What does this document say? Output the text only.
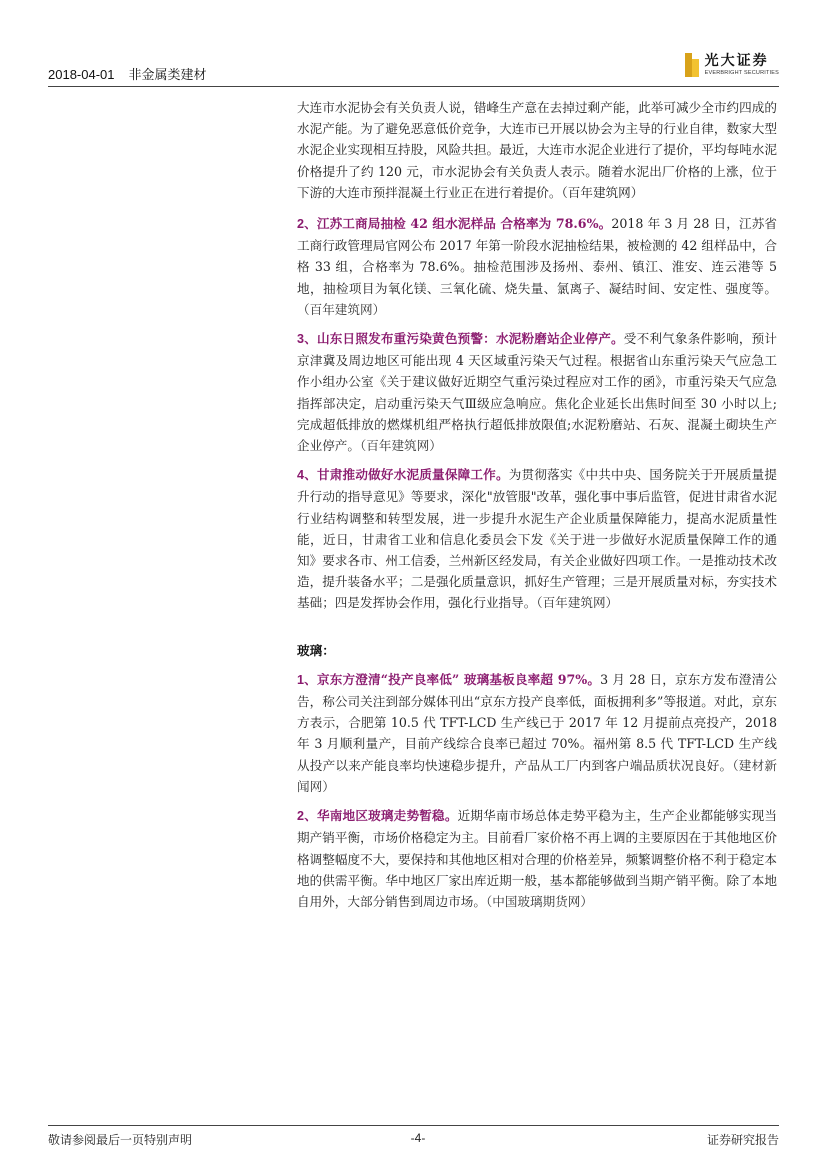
2018-04-01 非金属类建材
光大证券
EVERBRIGHT SECURITIES

大连市水泥协会有关负责人说，错峰生产意在去掉过剩产能，此举可减少全市约四成的水泥产能。为了避免恶意低价竞争，大连市已开展以协会为主导的行业自律，数家大型水泥企业实现相互持股，风险共担。最近，大连市水泥企业进行了提价，平均每吨水泥价格提升了约 120 元，市水泥协会有关负责人表示。随着水泥出厂价格的上涨，位于下游的大连市预拌混凝土行业正在进行着提价。（百年建筑网）

2、江苏工商局抽检 42 组水泥样品 合格率为 78.6%。2018 年 3 月 28 日，江苏省工商行政管理局官网公布 2017 年第一阶段水泥抽检结果，被检测的 42 组样品中，合格 33 组，合格率为 78.6%。抽检范围涉及扬州、泰州、镇江、淮安、连云港等 5 地，抽检项目为氧化镁、三氧化硫、烧失量、氯离子、凝结时间、安定性、强度等。（百年建筑网）

3、山东日照发布重污染黄色预警：水泥粉磨站企业停产。受不利气象条件影响，预计京津冀及周边地区可能出现 4 天区域重污染天气过程。根据省山东重污染天气应急工作小组办公室《关于建议做好近期空气重污染过程应对工作的函》，市重污染天气应急指挥部决定，启动重污染天气Ⅲ级应急响应。焦化企业延长出焦时间至 30 小时以上;完成超低排放的燃煤机组严格执行超低排放限值;水泥粉磨站、石灰、混凝土砌块生产企业停产。（百年建筑网）

4、甘肃推动做好水泥质量保障工作。为贯彻落实《中共中央、国务院关于开展质量提升行动的指导意见》等要求，深化"放管服"改革，强化事中事后监管，促进甘肃省水泥行业结构调整和转型发展，进一步提升水泥生产企业质量保障能力，提高水泥质量性能，近日，甘肃省工业和信息化委员会下发《关于进一步做好水泥质量保障工作的通知》要求各市、州工信委，兰州新区经发局，有关企业做好四项工作。一是推动技术改造，提升装备水平；二是强化质量意识，抓好生产管理；三是开展质量对标，夯实技术基础；四是发挥协会作用，强化行业指导。（百年建筑网）

玻璃：

1、京东方澄清“投产良率低” 玻璃基板良率超 97%。3 月 28 日，京东方发布澄清公告，称公司关注到部分媒体刊出“京东方投产良率低，面板拥利多”等报道。对此，京东方表示，合肥第 10.5 代 TFT-LCD 生产线已于 2017 年 12 月提前点亮投产，2018 年 3 月顺利量产，目前产线综合良率已超过 70%。福州第 8.5 代 TFT-LCD 生产线从投产以来产能良率均快速稳步提升，产品从工厂内到客户端品质状况良好。（建材新闻网）

2、华南地区玻璃走势暂稳。近期华南市场总体走势平稳为主，生产企业都能够实现当期产销平衡，市场价格稳定为主。目前看厂家价格不再上调的主要原因在于其他地区价格调整幅度不大，要保持和其他地区相对合理的价格差异，频繁调整价格不利于稳定本地的供需平衡。华中地区厂家出库近期一般，基本都能够做到当期产销平衡。除了本地自用外，大部分销售到周边市场。（中国玻璃期货网）

敬请参阅最后一页特别声明	-4-	证券研究报告
